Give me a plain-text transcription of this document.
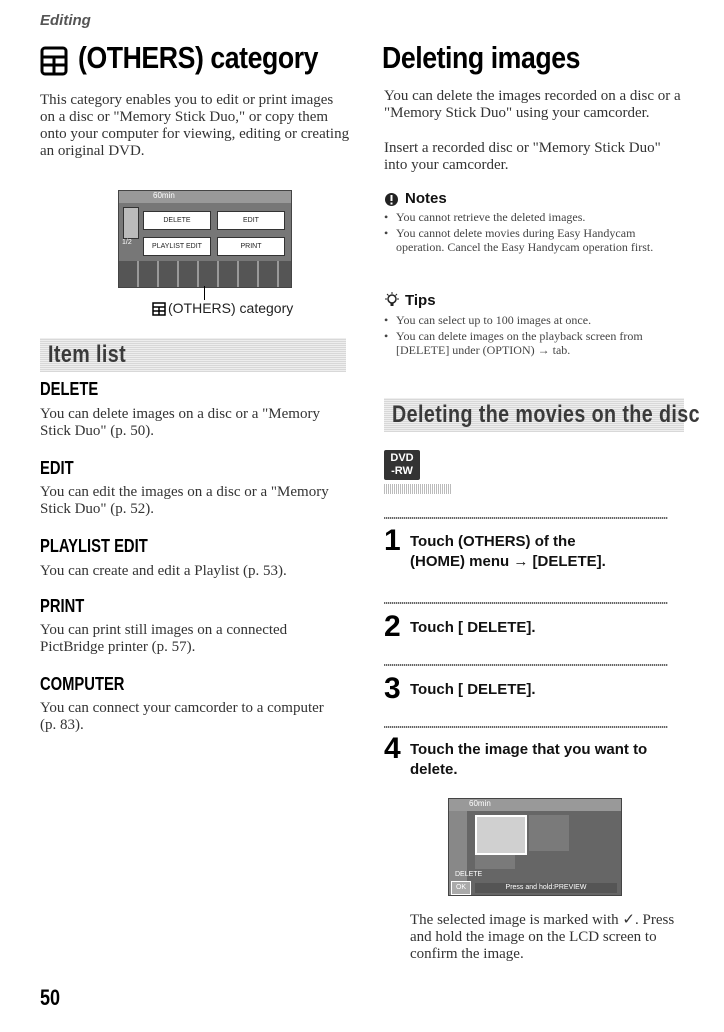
Editing
(OTHERS) category
This category enables you to edit or print images on a disc or "Memory Stick Duo," or copy them onto your computer for viewing, editing or creating an original DVD.
60min
1/2
DELETE	EDIT
PLAYLIST EDIT	PRINT
(OTHERS) category
Item list
DELETE
You can delete images on a disc or a "Memory Stick Duo" (p. 50).
EDIT
You can edit the images on a disc or a "Memory Stick Duo" (p. 52).
PLAYLIST EDIT
You can create and edit a Playlist (p. 53).
PRINT
You can print still images on a connected PictBridge printer (p. 57).
COMPUTER
You can connect your camcorder to a computer (p. 83).
Deleting images
You can delete the images recorded on a disc or a "Memory Stick Duo" using your camcorder.
Insert a recorded disc or "Memory Stick Duo" into your camcorder.
Notes
• You cannot retrieve the deleted images.
• You cannot delete movies during Easy Handycam operation. Cancel the Easy Handycam operation first.
Tips
• You can select up to 100 images at once.
• You can delete images on the playback screen from [DELETE] under (OPTION) → tab.
Deleting the movies on the disc
DVD
-RW
1 Touch (OTHERS) of the
(HOME) menu → [DELETE].
2 Touch [ DELETE].
3 Touch [ DELETE].
4 Touch the image that you want to
delete.
60min
DELETE
OK	Press and hold:PREVIEW
The selected image is marked with ✓. Press and hold the image on the LCD screen to confirm the image.
50
